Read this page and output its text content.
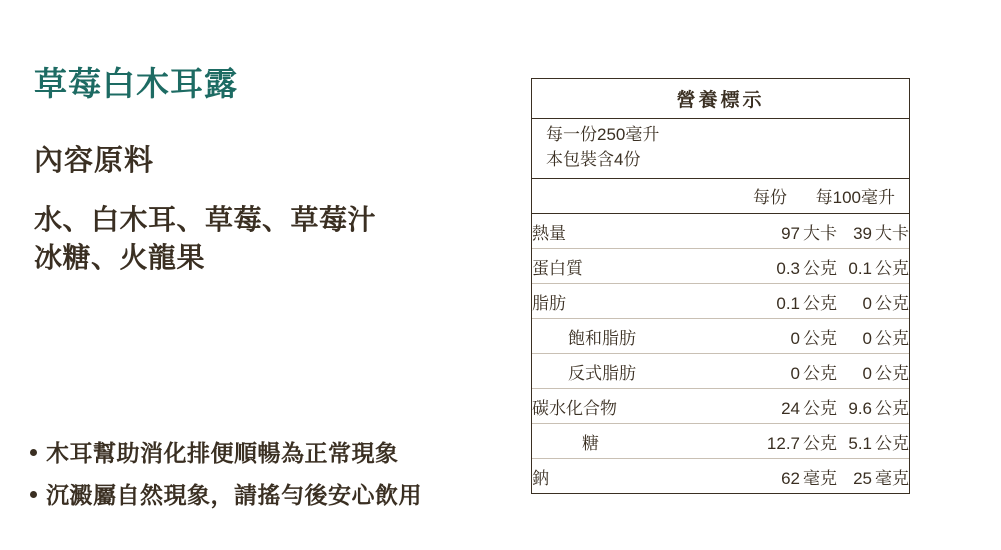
草莓白木耳露
內容原料
水、白木耳、草莓、草莓汁
冰糖、火龍果
木耳幫助消化排便順暢為正常現象
沉澱屬自然現象，請搖勻後安心飲用
營養標示
每一份250毫升
本包裝含4份
每份	每100毫升
熱量	97 大卡	39 大卡
蛋白質	0.3 公克	0.1 公克
脂肪	0.1 公克	0 公克
飽和脂肪	0 公克	0 公克
反式脂肪	0 公克	0 公克
碳水化合物	24 公克	9.6 公克
糖	12.7 公克	5.1 公克
鈉	62 毫克	25 毫克
